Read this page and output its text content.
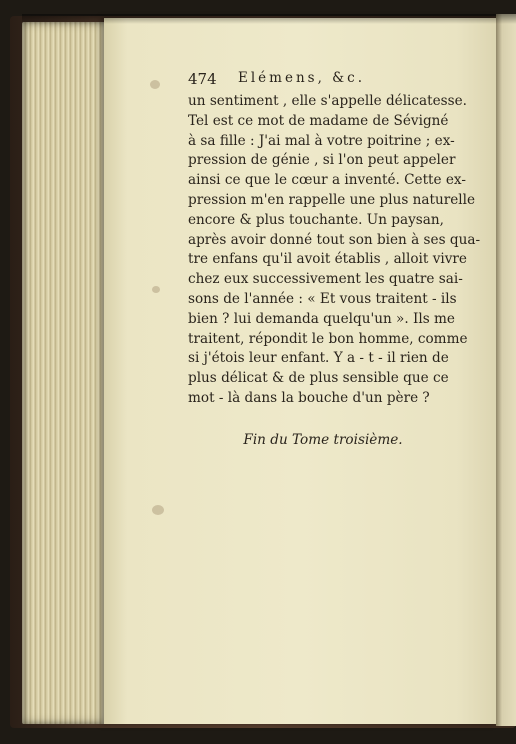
474 Elémens, &c.
un sentiment , elle s'appelle délicatesse.
Tel est ce mot de madame de Sévigné
à sa fille : J'ai mal à votre poitrine ; ex-
pression de génie , si l'on peut appeler
ainsi ce que le cœur a inventé. Cette ex-
pression m'en rappelle une plus naturelle
encore & plus touchante. Un paysan,
après avoir donné tout son bien à ses qua-
tre enfans qu'il avoit établis , alloit vivre
chez eux successivement les quatre sai-
sons de l'année : « Et vous traitent - ils
bien ? lui demanda quelqu'un ». Ils me
traitent, répondit le bon homme, comme
si j'étois leur enfant. Y a - t - il rien de
plus délicat & de plus sensible que ce
mot - là dans la bouche d'un père ?
Fin du Tome troisième.
